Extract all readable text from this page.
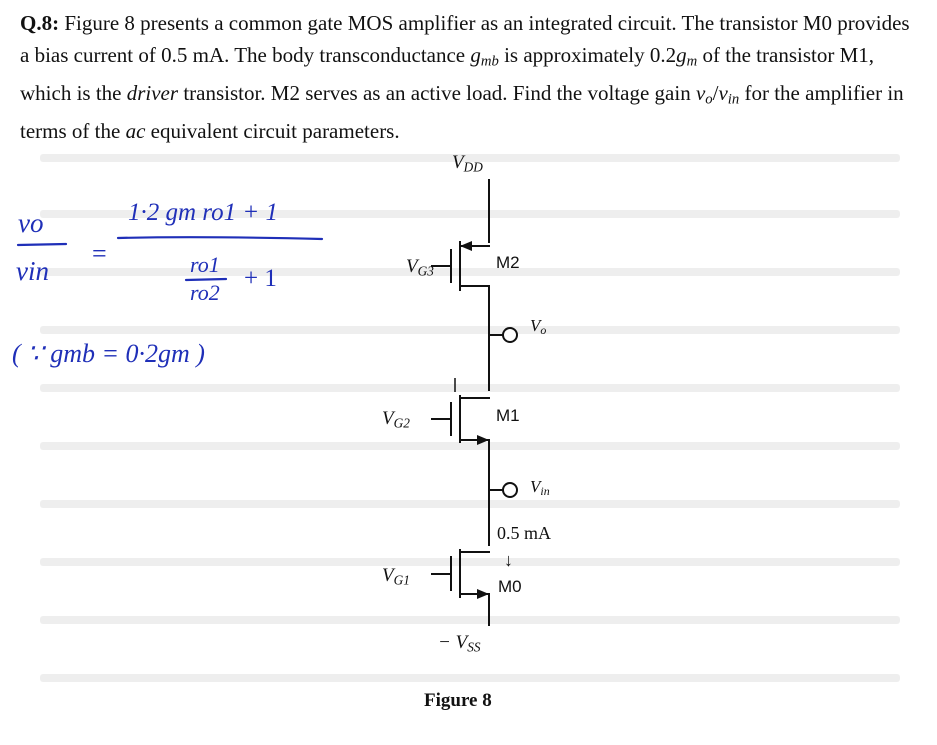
Q.8: Figure 8 presents a common gate MOS amplifier as an integrated circuit. The transistor M0 provides a bias current of 0.5 mA. The body transconductance $g_{mb}$ is approximately $0.2g_m$ of the transistor M1, which is the driver transistor. M2 serves as an active load. Find the voltage gain $v_o/v_{in}$ for the amplifier in terms of the ac equivalent circuit parameters.
vo
vin
=
1·2 gm ro1 + 1
ro1
ro2
+ 1
( ∵ gmb = 0·2gm )
$V_{DD}$
$V_{G3}$	M2
$V_o$
$V_{G2}$	M1
$V_{in}$
0.5 mA
↓
$V_{G1}$	M0
− $V_{SS}$
Figure 8
